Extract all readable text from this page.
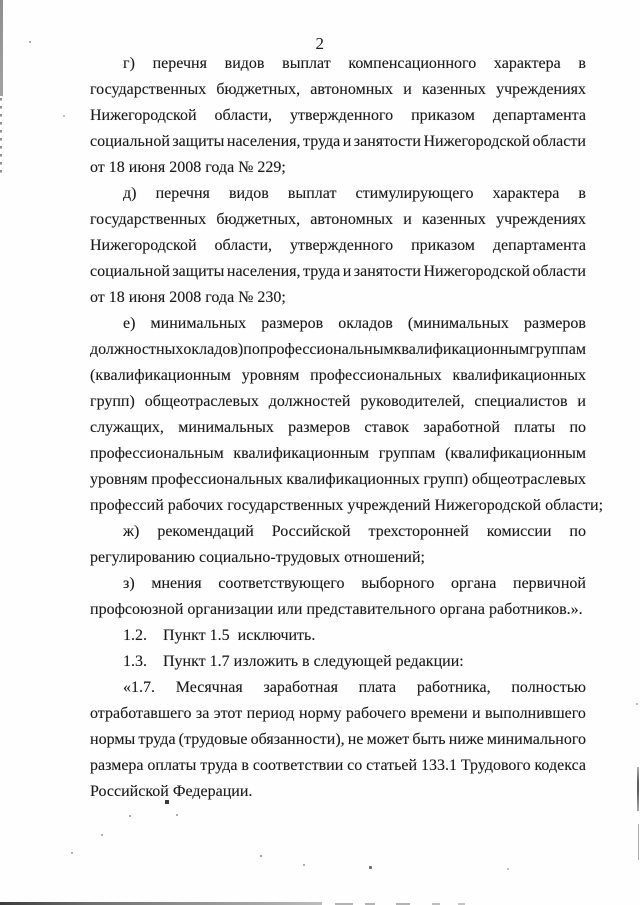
2
г) перечня видов выплат компенсационного характера в
государственных бюджетных, автономных и казенных учреждениях
Нижегородской области, утвержденного приказом департамента
социальной защиты населения, труда и занятости Нижегородской области
от 18 июня 2008 года № 229;
д) перечня видов выплат стимулирующего характера в
государственных бюджетных, автономных и казенных учреждениях
Нижегородской области, утвержденного приказом департамента
социальной защиты населения, труда и занятости Нижегородской области
от 18 июня 2008 года № 230;
е) минимальных размеров окладов (минимальных размеров
должностных окладов) по профессиональным квалификационным группам
(квалификационным уровням профессиональных квалификационных
групп) общеотраслевых должностей руководителей, специалистов и
служащих, минимальных размеров ставок заработной платы по
профессиональным квалификационным группам (квалификационным
уровням профессиональных квалификационных групп) общеотраслевых
профессий рабочих государственных учреждений Нижегородской области;
ж) рекомендаций Российской трехсторонней комиссии по
регулированию социально-трудовых отношений;
з) мнения соответствующего выборного органа первичной
профсоюзной организации или представительного органа работников.».
1.2.    Пункт 1.5  исключить.
1.3.    Пункт 1.7 изложить в следующей редакции:
«1.7. Месячная заработная плата работника, полностью
отработавшего за этот период норму рабочего времени и выполнившего
нормы труда (трудовые обязанности), не может быть ниже минимального
размера оплаты труда в соответствии со статьей 133.1 Трудового кодекса
Российской Федерации.
